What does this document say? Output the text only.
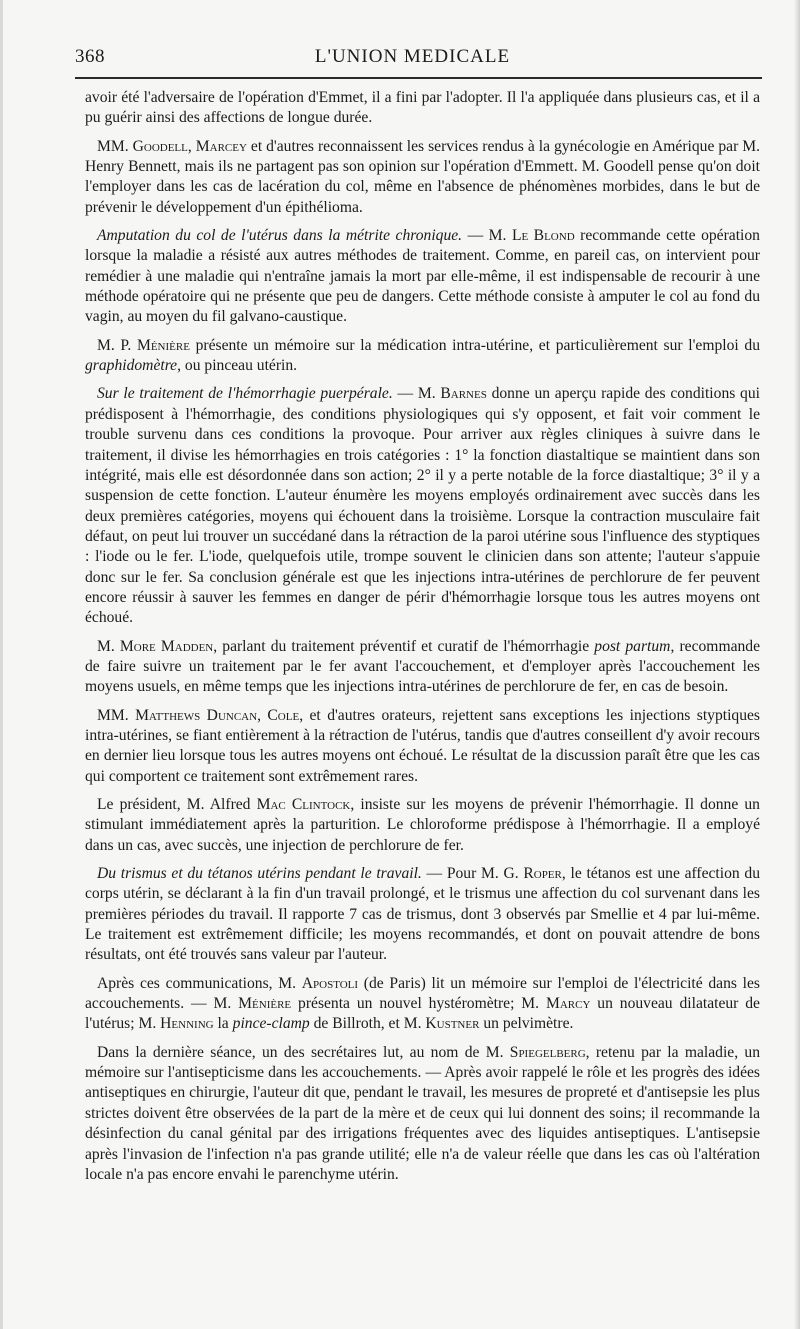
368	L'UNION MEDICALE

avoir été l'adversaire de l'opération d'Emmet, il a fini par l'adopter. Il l'a appliquée dans plusieurs cas, et il a pu guérir ainsi des affections de longue durée.

MM. Goodell, Marcey et d'autres reconnaissent les services rendus à la gynécologie en Amérique par M. Henry Bennett, mais ils ne partagent pas son opinion sur l'opération d'Emmett. M. Goodell pense qu'on doit l'employer dans les cas de lacération du col, même en l'absence de phénomènes morbides, dans le but de prévenir le développement d'un épithélioma.

Amputation du col de l'utérus dans la métrite chronique. — M. Le Blond recommande cette opération lorsque la maladie a résisté aux autres méthodes de traitement. Comme, en pareil cas, on intervient pour remédier à une maladie qui n'entraîne jamais la mort par elle-même, il est indispensable de recourir à une méthode opératoire qui ne présente que peu de dangers. Cette méthode consiste à amputer le col au fond du vagin, au moyen du fil galvano-caustique.

M. P. Ménière présente un mémoire sur la médication intra-utérine, et particulièrement sur l'emploi du graphidomètre, ou pinceau utérin.

Sur le traitement de l'hémorrhagie puerpérale. — M. Barnes donne un aperçu rapide des conditions qui prédisposent à l'hémorrhagie, des conditions physiologiques qui s'y opposent, et fait voir comment le trouble survenu dans ces conditions la provoque. Pour arriver aux règles cliniques à suivre dans le traitement, il divise les hémorrhagies en trois catégories : 1° la fonction diastaltique se maintient dans son intégrité, mais elle est désordonnée dans son action; 2° il y a perte notable de la force diastaltique; 3° il y a suspension de cette fonction. L'auteur énumère les moyens employés ordinairement avec succès dans les deux premières catégories, moyens qui échouent dans la troisième. Lorsque la contraction musculaire fait défaut, on peut lui trouver un succédané dans la rétraction de la paroi utérine sous l'influence des styptiques : l'iode ou le fer. L'iode, quelquefois utile, trompe souvent le clinicien dans son attente; l'auteur s'appuie donc sur le fer. Sa conclusion générale est que les injections intra-utérines de perchlorure de fer peuvent encore réussir à sauver les femmes en danger de périr d'hémorrhagie lorsque tous les autres moyens ont échoué.

M. More Madden, parlant du traitement préventif et curatif de l'hémorrhagie post partum, recommande de faire suivre un traitement par le fer avant l'accouchement, et d'employer après l'accouchement les moyens usuels, en même temps que les injections intra-utérines de perchlorure de fer, en cas de besoin.

MM. Matthews Duncan, Cole, et d'autres orateurs, rejettent sans exceptions les injections styptiques intra-utérines, se fiant entièrement à la rétraction de l'utérus, tandis que d'autres conseillent d'y avoir recours en dernier lieu lorsque tous les autres moyens ont échoué. Le résultat de la discussion paraît être que les cas qui comportent ce traitement sont extrêmement rares.

Le président, M. Alfred Mac Clintock, insiste sur les moyens de prévenir l'hémorrhagie. Il donne un stimulant immédiatement après la parturition. Le chloroforme prédispose à l'hémorrhagie. Il a employé dans un cas, avec succès, une injection de perchlorure de fer.

Du trismus et du tétanos utérins pendant le travail. — Pour M. G. Roper, le tétanos est une affection du corps utérin, se déclarant à la fin d'un travail prolongé, et le trismus une affection du col survenant dans les premières périodes du travail. Il rapporte 7 cas de trismus, dont 3 observés par Smellie et 4 par lui-même. Le traitement est extrêmement difficile; les moyens recommandés, et dont on pouvait attendre de bons résultats, ont été trouvés sans valeur par l'auteur.

Après ces communications, M. Apostoli (de Paris) lit un mémoire sur l'emploi de l'électricité dans les accouchements. — M. Ménière présenta un nouvel hystéromètre; M. Marcy un nouveau dilatateur de l'utérus; M. Henning la pince-clamp de Billroth, et M. Kustner un pelvimètre.

Dans la dernière séance, un des secrétaires lut, au nom de M. Spiegelberg, retenu par la maladie, un mémoire sur l'antisepticisme dans les accouchements. — Après avoir rappelé le rôle et les progrès des idées antiseptiques en chirurgie, l'auteur dit que, pendant le travail, les mesures de propreté et d'antisepsie les plus strictes doivent être observées de la part de la mère et de ceux qui lui donnent des soins; il recommande la désinfection du canal génital par des irrigations fréquentes avec des liquides antiseptiques. L'antisepsie après l'invasion de l'infection n'a pas grande utilité; elle n'a de valeur réelle que dans les cas où l'altération locale n'a pas encore envahi le parenchyme utérin.
